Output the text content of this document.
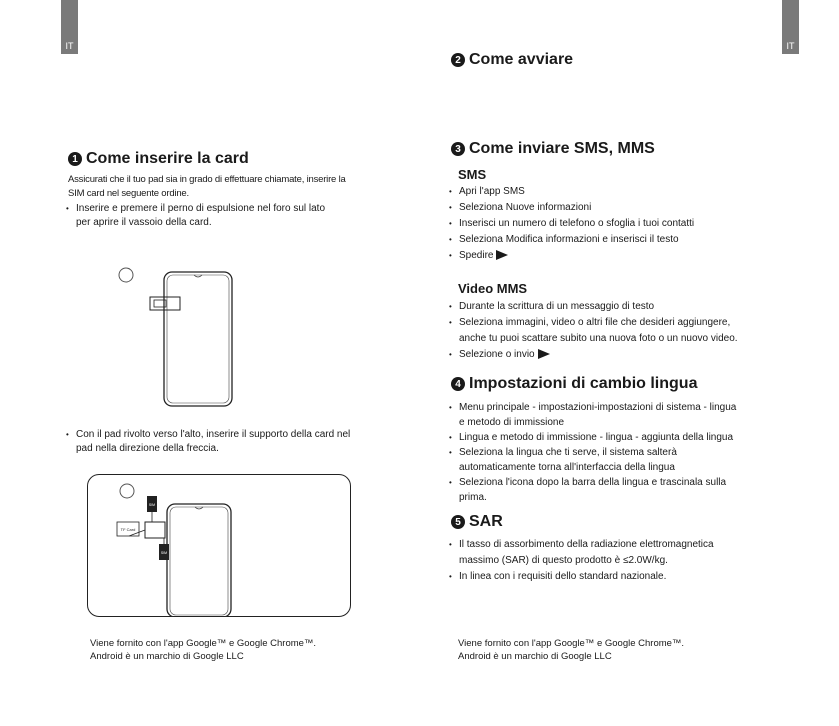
IT	IT
1 Come inserire la card
Assicurati che il tuo pad sia in grado di effettuare chiamate, inserire la
SIM card nel seguente ordine.
• Inserire e premere il perno di espulsione nel foro sul lato
per aprire il vassoio della card.
• Con il pad rivolto verso l'alto, inserire il supporto della card nel
pad nella direzione della freccia.
TF Card
SIM
SIM
Viene fornito con l'app Google™ e Google Chrome™.
Android è un marchio di Google LLC
2 Come avviare
3 Come inviare SMS, MMS
SMS
• Apri l'app SMS
• Seleziona Nuove informazioni
• Inserisci un numero di telefono o sfoglia i tuoi contatti
• Seleziona Modifica informazioni e inserisci il testo
• Spedire
Video MMS
• Durante la scrittura di un messaggio di testo
• Seleziona immagini, video o altri file che desideri aggiungere,
anche tu puoi scattare subito una nuova foto o un nuovo video.
• Selezione o invio
4 Impostazioni di cambio lingua
• Menu principale - impostazioni-impostazioni di sistema - lingua
e metodo di immissione
• Lingua e metodo di immissione - lingua - aggiunta della lingua
• Seleziona la lingua che ti serve, il sistema salterà
automaticamente torna all'interfaccia della lingua
• Seleziona l'icona dopo la barra della lingua e trascinala sulla
prima.
5 SAR
• Il tasso di assorbimento della radiazione elettromagnetica
massimo (SAR) di questo prodotto è ≤2.0W/kg.
• In linea con i requisiti dello standard nazionale.
Viene fornito con l'app Google™ e Google Chrome™.
Android è un marchio di Google LLC
